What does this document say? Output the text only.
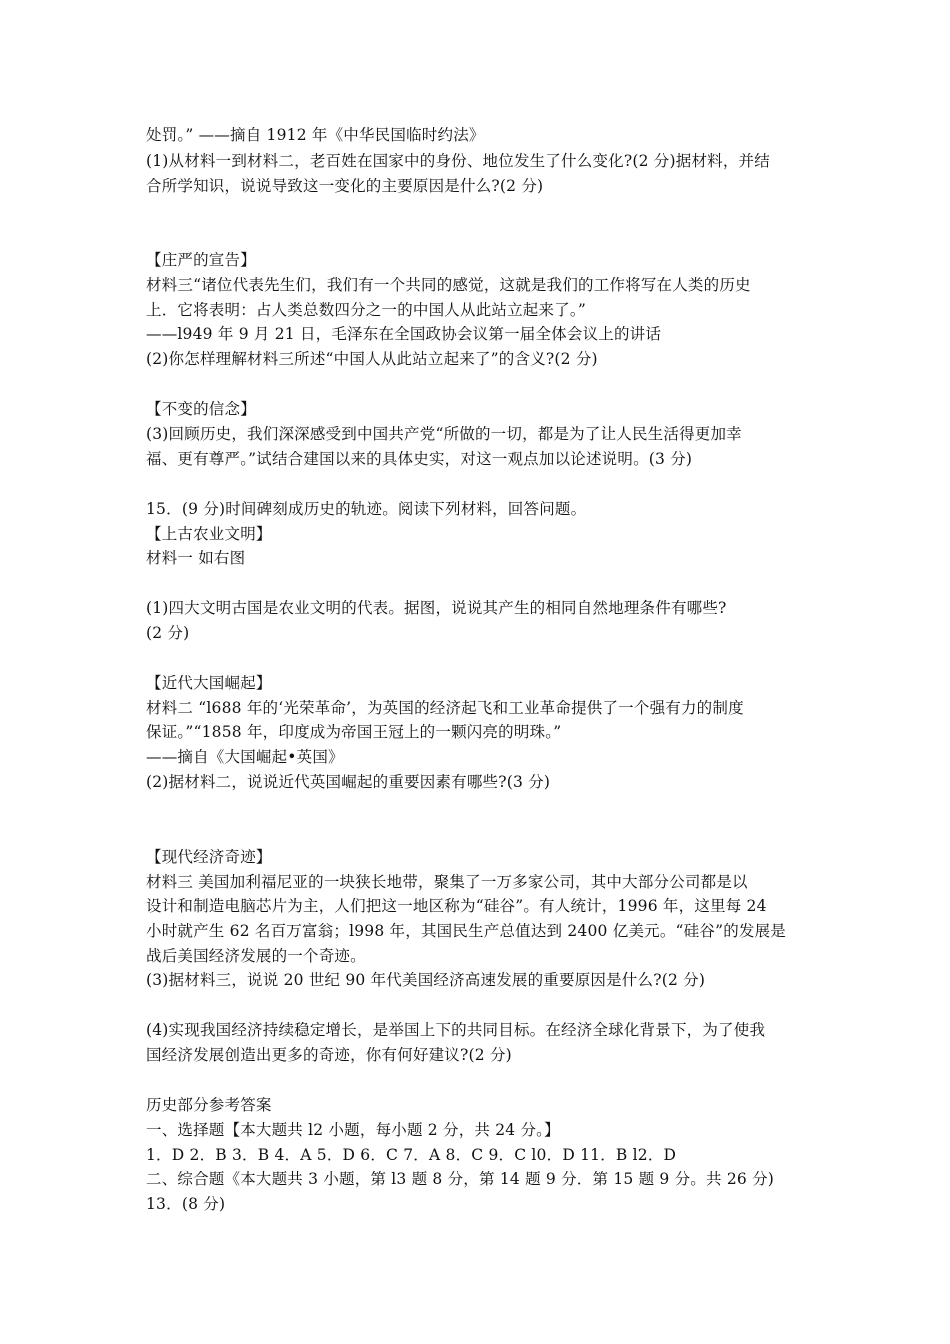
处罚。” ——摘自 1912 年《中华民国临时约法》
(1)从材料一到材料二，老百姓在国家中的身份、地位发生了什么变化?(2 分)据材料，并结
合所学知识，说说导致这一变化的主要原因是什么?(2 分)
【庄严的宣告】
材料三“诸位代表先生们，我们有一个共同的感觉，这就是我们的工作将写在人类的历史
上．它将表明：占人类总数四分之一的中国人从此站立起来了。”
——l949 年 9 月 21 日，毛泽东在全国政协会议第一届全体会议上的讲话
(2)你怎样理解材料三所述“中国人从此站立起来了”的含义?(2 分)
【不变的信念】
(3)回顾历史，我们深深感受到中国共产党“所做的一切，都是为了让人民生活得更加幸
福、更有尊严。”试结合建国以来的具体史实，对这一观点加以论述说明。(3 分)
15．(9 分)时间碑刻成历史的轨迹。阅读下列材料，回答问题。
【上古农业文明】
材料一 如右图
(1)四大文明古国是农业文明的代表。据图，说说其产生的相同自然地理条件有哪些?
(2 分)
【近代大国崛起】
材料二 “l688 年的‘光荣革命’，为英国的经济起飞和工业革命提供了一个强有力的制度
保证。”“1858 年，印度成为帝国王冠上的一颗闪亮的明珠。”
——摘自《大国崛起•英国》
(2)据材料二，说说近代英国崛起的重要因素有哪些?(3 分)
【现代经济奇迹】
材料三 美国加利福尼亚的一块狭长地带，聚集了一万多家公司，其中大部分公司都是以
设计和制造电脑芯片为主，人们把这一地区称为“硅谷”。有人统计，1996 年，这里每 24
小时就产生 62 名百万富翁；l998 年，其国民生产总值达到 2400 亿美元。“硅谷”的发展是
战后美国经济发展的一个奇迹。
(3)据材料三，说说 20 世纪 90 年代美国经济高速发展的重要原因是什么?(2 分)
(4)实现我国经济持续稳定增长，是举国上下的共同目标。在经济全球化背景下，为了使我
国经济发展创造出更多的奇迹，你有何好建议?(2 分)
历史部分参考答案
一、选择题【本大题共 l2 小题，每小题 2 分，共 24 分。】
1．D 2．B 3．B 4．A 5．D 6．C 7．A 8．C 9．C l0．D 11．B l2．D
二、综合题《本大题共 3 小题，第 l3 题 8 分，第 14 题 9 分．第 15 题 9 分。共 26 分)
13．(8 分)
